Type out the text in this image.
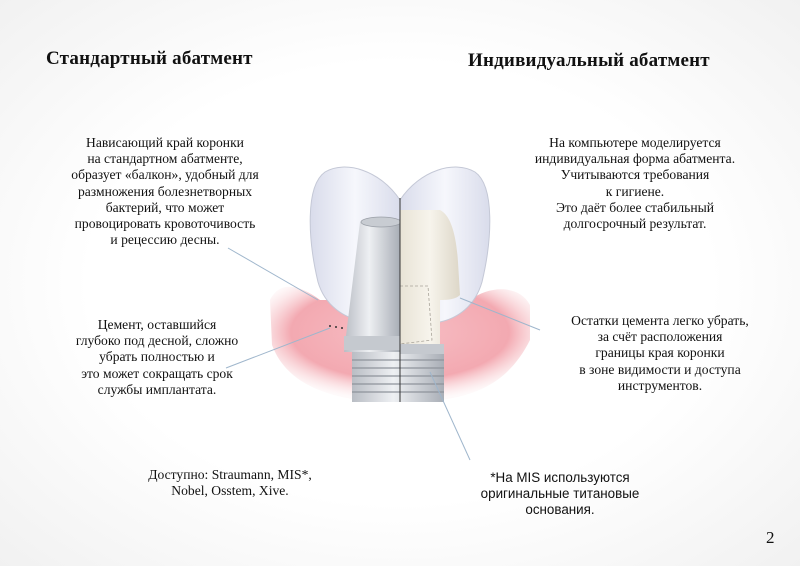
Стандартный абатмент	Индивидуальный абатмент
Нависающий край коронки
на стандартном абатменте,
образует «балкон», удобный для
размножения болезнетворных
бактерий, что может
провоцировать кровоточивость
и рецессию десны.
Цемент, оставшийся
глубоко под десной, сложно
убрать полностью и
это может сокращать срок
службы имплантата.
Доступно: Straumann, MIS*,
Nobel, Osstem, Xive.
На компьютере моделируется
индивидуальная форма абатмента.
Учитываются требования
к гигиене.
Это даёт более стабильный
долгосрочный результат.
Остатки цемента легко убрать,
за счёт расположения
границы края коронки
в зоне видимости и доступа
инструментов.
*На MIS используются
оригинальные титановые
основания.
2
